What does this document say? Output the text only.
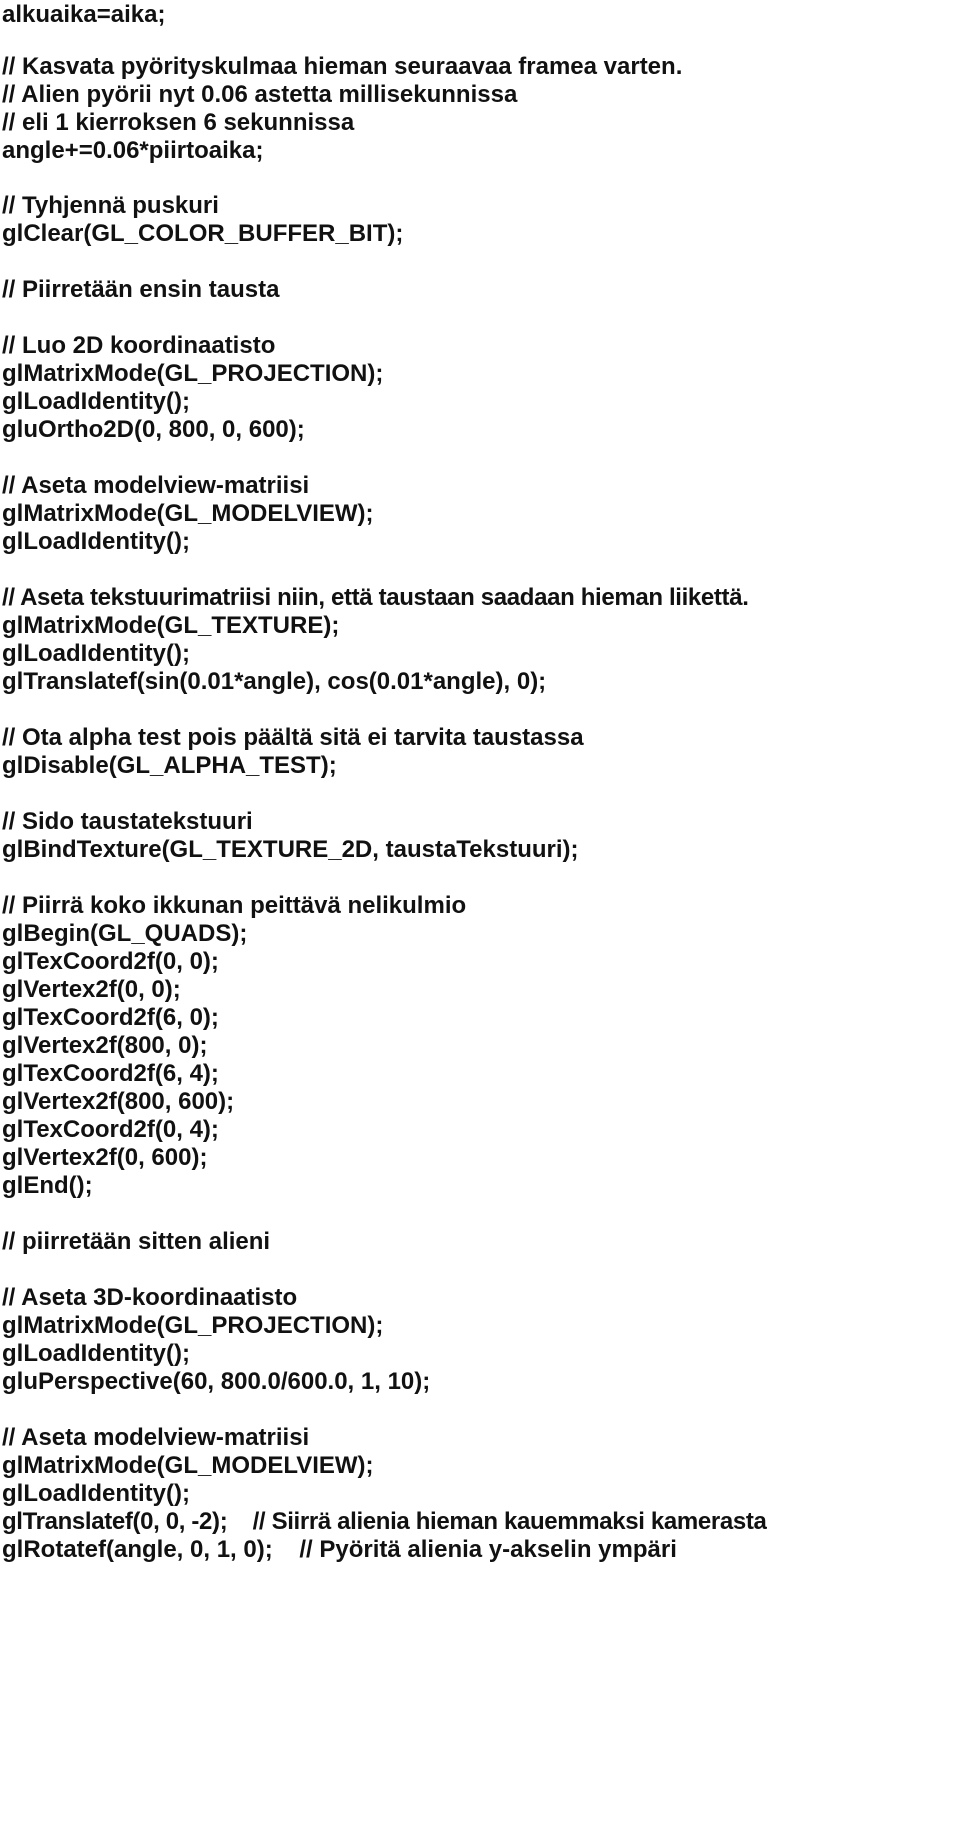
alkuaika=aika;
// Kasvata pyörityskulmaa hieman seuraavaa framea varten.
// Alien pyörii nyt 0.06 astetta millisekunnissa
// eli 1 kierroksen 6 sekunnissa
angle+=0.06*piirtoaika;
// Tyhjennä puskuri
glClear(GL_COLOR_BUFFER_BIT);
// Piirretään ensin tausta
// Luo 2D koordinaatisto
glMatrixMode(GL_PROJECTION);
glLoadIdentity();
gluOrtho2D(0, 800, 0, 600);
// Aseta modelview-matriisi
glMatrixMode(GL_MODELVIEW);
glLoadIdentity();
// Aseta tekstuurimatriisi niin, että taustaan saadaan hieman liikettä.
glMatrixMode(GL_TEXTURE);
glLoadIdentity();
glTranslatef(sin(0.01*angle), cos(0.01*angle), 0);
// Ota alpha test pois päältä sitä ei tarvita taustassa
glDisable(GL_ALPHA_TEST);
// Sido taustatekstuuri
glBindTexture(GL_TEXTURE_2D, taustaTekstuuri);
// Piirrä koko ikkunan peittävä nelikulmio
glBegin(GL_QUADS);
glTexCoord2f(0, 0);
glVertex2f(0, 0);
glTexCoord2f(6, 0);
glVertex2f(800, 0);
glTexCoord2f(6, 4);
glVertex2f(800, 600);
glTexCoord2f(0, 4);
glVertex2f(0, 600);
glEnd();
// piirretään sitten alieni
// Aseta 3D-koordinaatisto
glMatrixMode(GL_PROJECTION);
glLoadIdentity();
gluPerspective(60, 800.0/600.0, 1, 10);
// Aseta modelview-matriisi
glMatrixMode(GL_MODELVIEW);
glLoadIdentity();
glTranslatef(0, 0, -2);    // Siirrä alienia hieman kauemmaksi kamerasta
glRotatef(angle, 0, 1, 0);    // Pyöritä alienia y-akselin ympäri
